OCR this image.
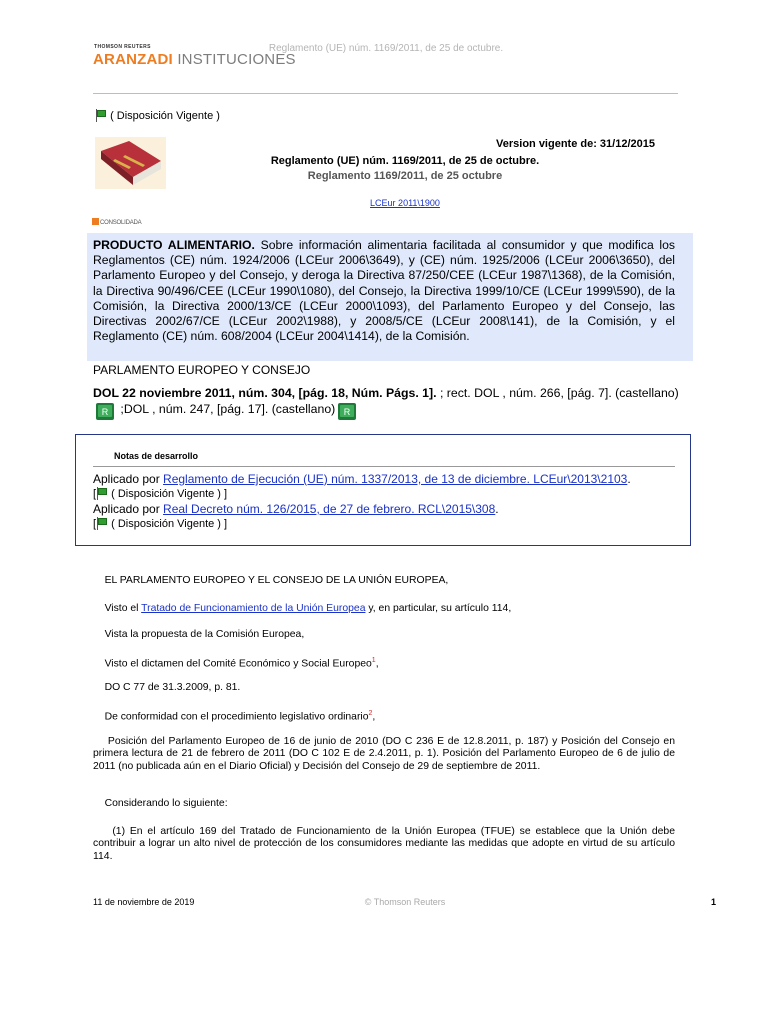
THOMSON REUTERS
ARANZADI INSTITUCIONES
Reglamento (UE) núm. 1169/2011, de 25 de octubre.
( Disposición Vigente )
Version vigente de: 31/12/2015
Reglamento (UE) núm. 1169/2011, de 25 de octubre.
Reglamento 1169/2011, de 25 octubre
LCEur 2011\1900
CONSOLIDADA
PRODUCTO ALIMENTARIO. Sobre información alimentaria facilitada al consumidor y que modifica los Reglamentos (CE) núm. 1924/2006 (LCEur 2006\3649), y (CE) núm. 1925/2006 (LCEur 2006\3650), del Parlamento Europeo y del Consejo, y deroga la Directiva 87/250/CEE (LCEur 1987\1368), de la Comisión, la Directiva 90/496/CEE (LCEur 1990\1080), del Consejo, la Directiva 1999/10/CE (LCEur 1999\590), de la Comisión, la Directiva 2000/13/CE (LCEur 2000\1093), del Parlamento Europeo y del Consejo, las Directivas 2002/67/CE (LCEur 2002\1988), y 2008/5/CE (LCEur 2008\141), de la Comisión, y el Reglamento (CE) núm. 608/2004 (LCEur 2004\1414), de la Comisión.
PARLAMENTO EUROPEO Y CONSEJO
DOL 22 noviembre 2011, núm. 304, [pág. 18, Núm. Págs. 1]. ; rect. DOL , núm. 266, [pág. 7]. (castellano)
R ;DOL , núm. 247, [pág. 17]. (castellano) R
Notas de desarrollo
Aplicado por Reglamento de Ejecución (UE) núm. 1337/2013, de 13 de diciembre. LCEur\2013\2103.
[
( Disposición Vigente ) ]
Aplicado por Real Decreto núm. 126/2015, de 27 de febrero. RCL\2015\308.
[
( Disposición Vigente ) ]
EL PARLAMENTO EUROPEO Y EL CONSEJO DE LA UNIÓN EUROPEA,
Visto el Tratado de Funcionamiento de la Unión Europea y, en particular, su artículo 114,
Vista la propuesta de la Comisión Europea,
Visto el dictamen del Comité Económico y Social Europeo$^1$,
DO C 77 de 31.3.2009, p. 81.
De conformidad con el procedimiento legislativo ordinario$^2$,
Posición del Parlamento Europeo de 16 de junio de 2010 (DO C 236 E de 12.8.2011, p. 187) y Posición del Consejo en primera lectura de 21 de febrero de 2011 (DO C 102 E de 2.4.2011, p. 1). Posición del Parlamento Europeo de 6 de julio de 2011 (no publicada aún en el Diario Oficial) y Decisión del Consejo de 29 de septiembre de 2011.
Considerando lo siguiente:
(1) En el artículo 169 del Tratado de Funcionamiento de la Unión Europea (TFUE) se establece que la Unión debe contribuir a lograr un alto nivel de protección de los consumidores mediante las medidas que adopte en virtud de su artículo 114.
11 de noviembre de 2019	© Thomson Reuters	1
